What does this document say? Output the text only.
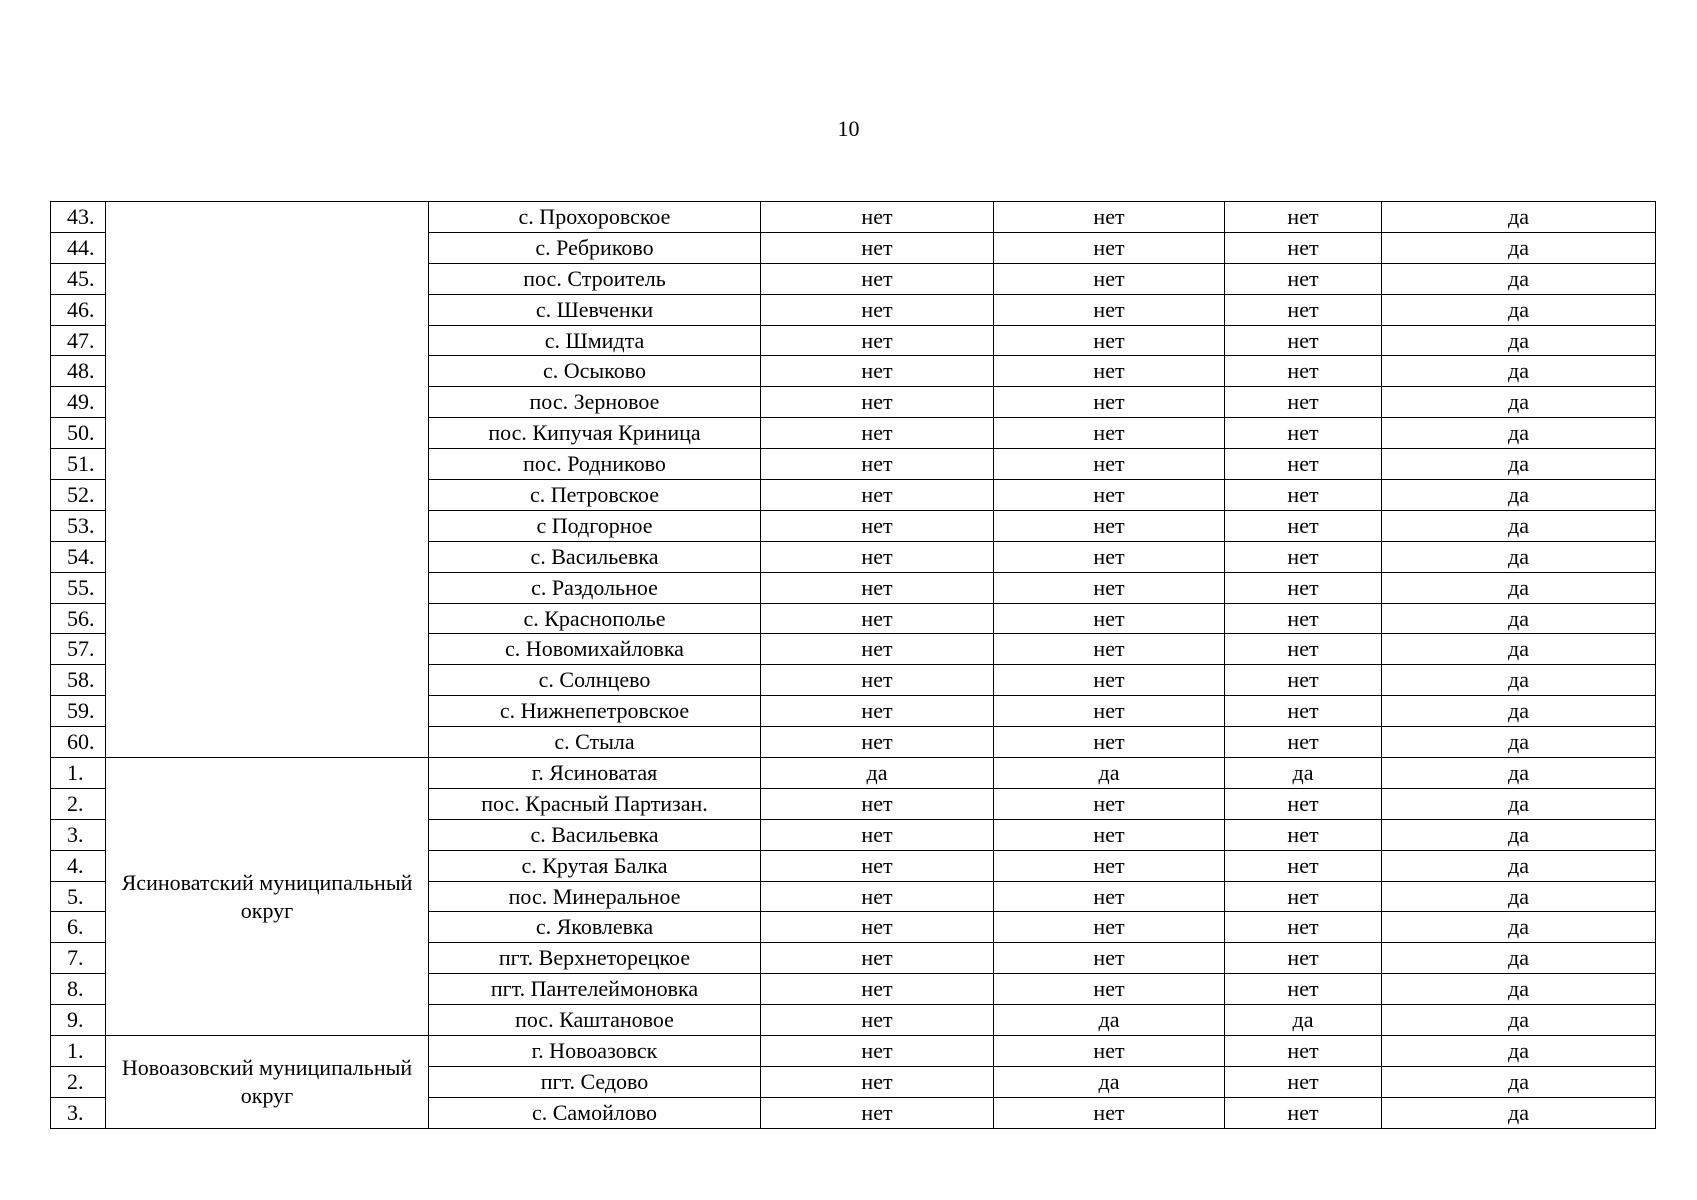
10
43.		с. Прохоровское	нет	нет	нет	да
44.		с. Ребриково	нет	нет	нет	да
45.		пос. Строитель	нет	нет	нет	да
46.		с. Шевченки	нет	нет	нет	да
47.		с. Шмидта	нет	нет	нет	да
48.		с. Осыково	нет	нет	нет	да
49.		пос. Зерновое	нет	нет	нет	да
50.		пос. Кипучая Криница	нет	нет	нет	да
51.		пос. Родниково	нет	нет	нет	да
52.		с. Петровское	нет	нет	нет	да
53.		с Подгорное	нет	нет	нет	да
54.		с. Васильевка	нет	нет	нет	да
55.		с. Раздольное	нет	нет	нет	да
56.		с. Краснополье	нет	нет	нет	да
57.		с. Новомихайловка	нет	нет	нет	да
58.		с. Солнцево	нет	нет	нет	да
59.		с. Нижнепетровское	нет	нет	нет	да
60.		с. Стыла	нет	нет	нет	да
1.	Ясиноватский муниципальный округ	г. Ясиноватая	да	да	да	да
2.		пос. Красный Партизан.	нет	нет	нет	да
3.		с. Васильевка	нет	нет	нет	да
4.		с. Крутая Балка	нет	нет	нет	да
5.		пос. Минеральное	нет	нет	нет	да
6.		с. Яковлевка	нет	нет	нет	да
7.		пгт. Верхнеторецкое	нет	нет	нет	да
8.		пгт. Пантелеймоновка	нет	нет	нет	да
9.		пос. Каштановое	нет	да	да	да
1.	Новоазовский муниципальный округ	г. Новоазовск	нет	нет	нет	да
2.		пгт. Седово	нет	да	нет	да
3.		с. Самойлово	нет	нет	нет	да
